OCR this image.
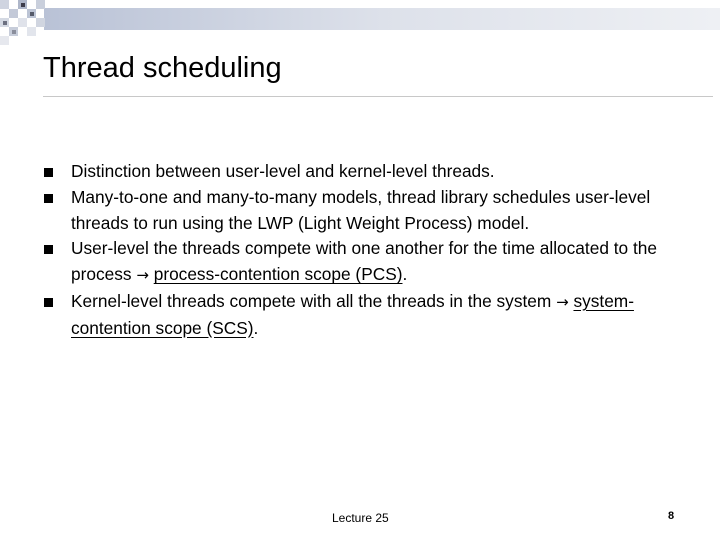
Thread scheduling
Distinction between user-level and kernel-level threads.
Many-to-one and many-to-many models, thread library schedules user-level threads to run using the LWP (Light Weight Process) model.
User-level the threads compete with one another for the time allocated to the process → process-contention scope (PCS).
Kernel-level threads compete with all the threads in the system → system-contention scope (SCS).
Lecture 25	8
